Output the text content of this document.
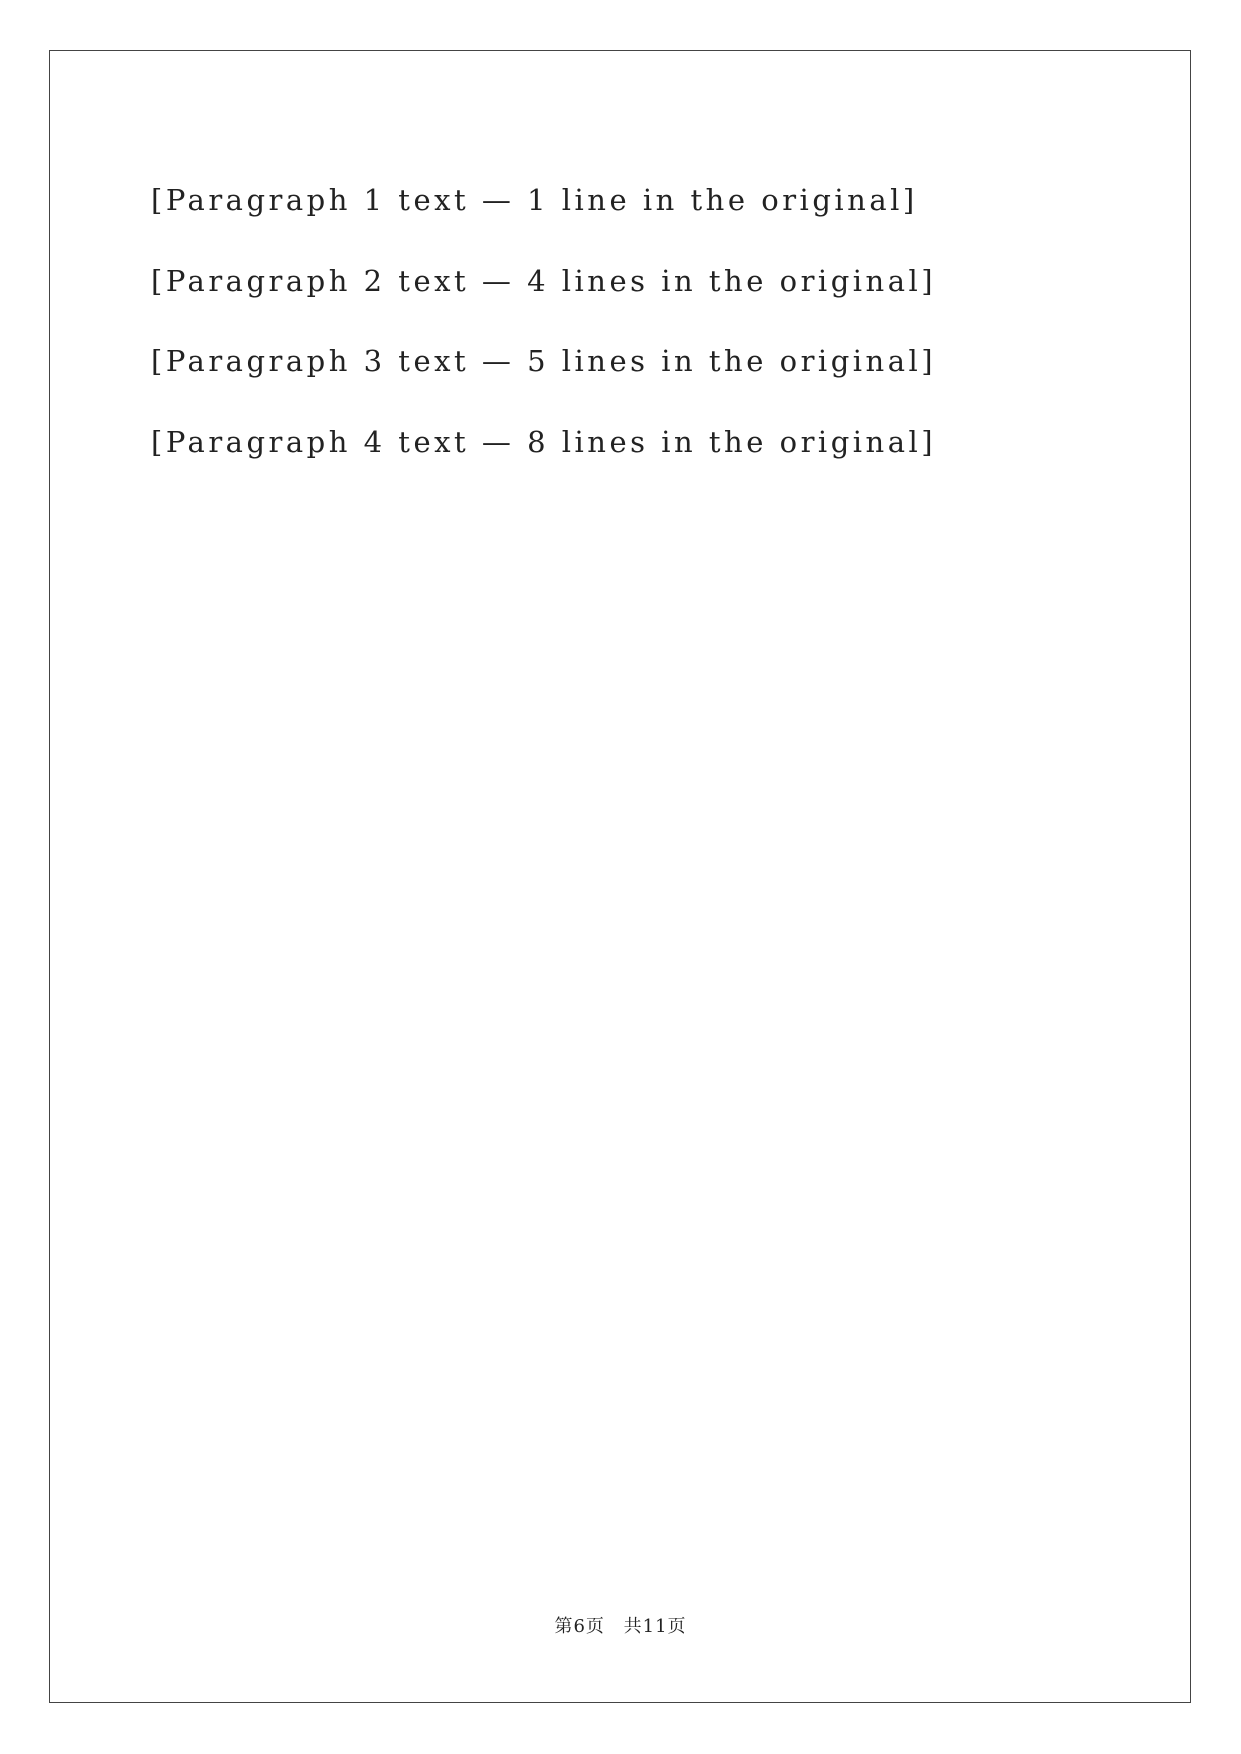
[Paragraph 1 text — 1 line in the original]

[Paragraph 2 text — 4 lines in the original]

[Paragraph 3 text — 5 lines in the original]

[Paragraph 4 text — 8 lines in the original]

第6页 共11页
